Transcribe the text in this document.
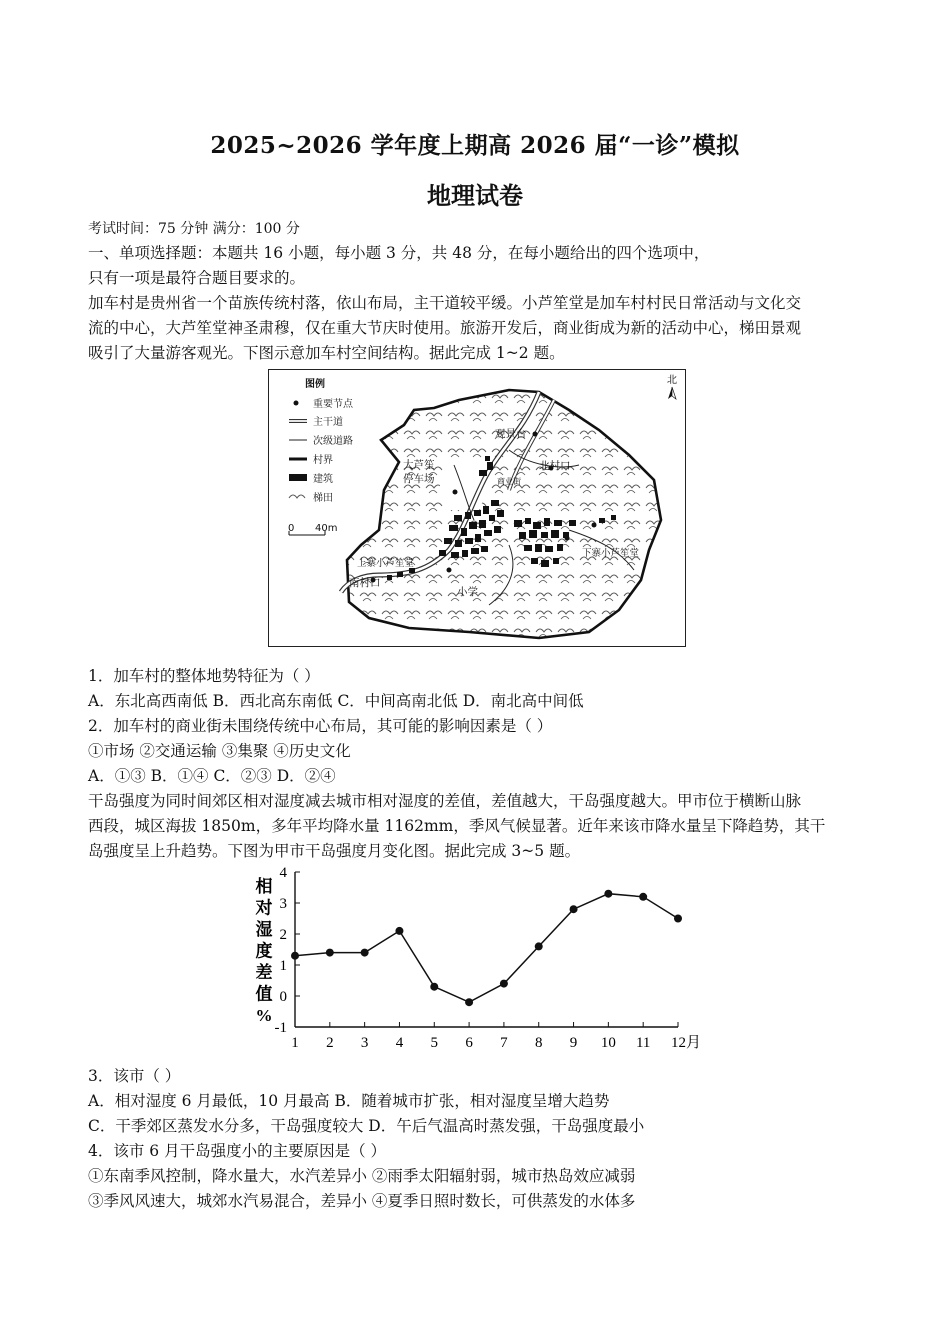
2025~2026 学年度上期高 2026 届“一诊”模拟
地理试卷
考试时间：75 分钟 满分：100 分
一、单项选择题：本题共 16 小题，每小题 3 分，共 48 分，在每小题给出的四个选项中，
只有一项是最符合题目要求的。
加车村是贵州省一个苗族传统村落，依山布局，主干道较平缓。小芦笙堂是加车村村民日常活动与文化交
流的中心，大芦笙堂神圣肃穆，仅在重大节庆时使用。旅游开发后，商业街成为新的活动中心，梯田景观
吸引了大量游客观光。下图示意加车村空间结构。据此完成 1~2 题。
图例
重要节点
主干道
次级道路
村界
建筑
梯田
0 40m
北
观景台
北村口
大芦笙
停车场	商业街
上寨小芦笙堂
下寨小芦笙堂
南村口
小学
1．加车村的整体地势特征为（ ）
A．东北高西南低 B．西北高东南低 C．中间高南北低 D．南北高中间低
2．加车村的商业街未围绕传统中心布局，其可能的影响因素是（ ）
①市场 ②交通运输 ③集聚 ④历史文化
A．①③ B．①④ C．②③ D．②④
干岛强度为同时间郊区相对湿度减去城市相对湿度的差值，差值越大，干岛强度越大。甲市位于横断山脉
西段，城区海拔 1850m，多年平均降水量 1162mm，季风气候显著。近年来该市降水量呈下降趋势，其干
岛强度呈上升趋势。下图为甲市干岛强度月变化图。据此完成 3~5 题。
4
3
2
1
0
-1
1 2 3 4 5 6 7 8 9 10 11 12月
相
对
湿
度
差
值
%
3．该市（ ）
A．相对湿度 6 月最低，10 月最高 B．随着城市扩张，相对湿度呈增大趋势
C．干季郊区蒸发水分多，干岛强度较大 D．午后气温高时蒸发强，干岛强度最小
4．该市 6 月干岛强度小的主要原因是（ ）
①东南季风控制，降水量大，水汽差异小 ②雨季太阳辐射弱，城市热岛效应减弱
③季风风速大，城郊水汽易混合，差异小 ④夏季日照时数长，可供蒸发的水体多
